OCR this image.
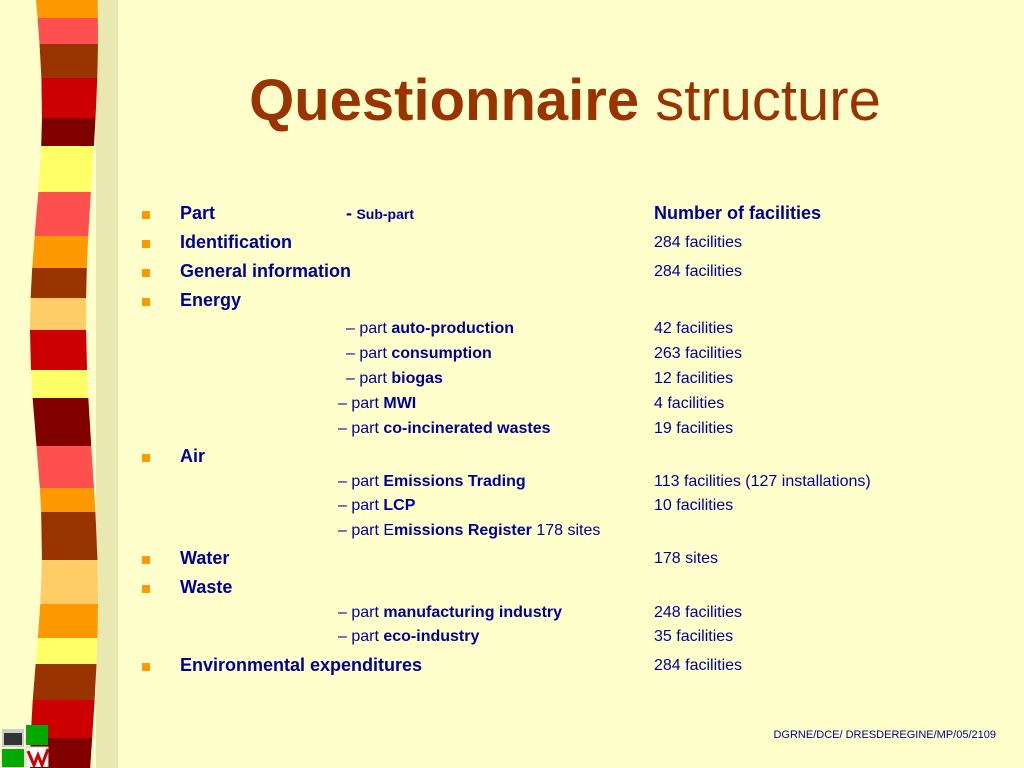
Questionnaire structure
Part	- Sub-part	Number of facilities
Identification	284 facilities
General information	284 facilities
Energy
– part auto-production	42 facilities
– part consumption	263 facilities
– part biogas	12 facilities
– part MWI	4 facilities
– part co-incinerated wastes	19 facilities
Air
– part Emissions Trading	113 facilities (127 installations)
– part LCP	10 facilities
– part Emissions Register 178 sites
Water	178 sites
Waste
– part manufacturing industry	248 facilities
– part eco-industry	35 facilities
Environmental expenditures	284 facilities
DGRNE/DCE/ DRESDEREGINE/MP/05/2109
